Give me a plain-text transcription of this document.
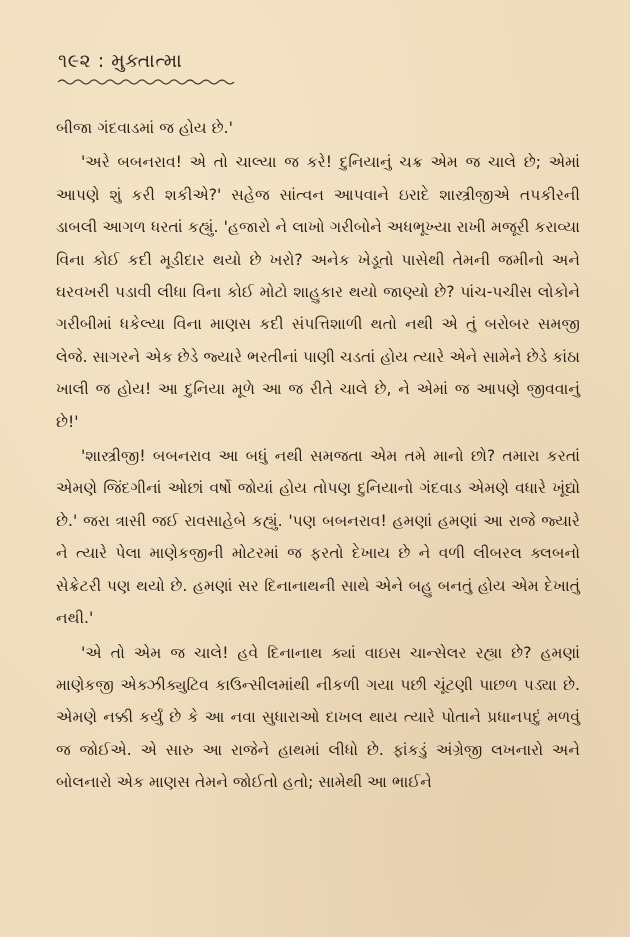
૧૯૨ : મુક્તાત્મા

બીજા ગંદવાડમાં જ હોય છે.'

'અરે બબનરાવ! એ તો ચાલ્યા જ કરે! દુનિયાનું ચક્ર એમ જ ચાલે છે; એમાં આપણે શું કરી શકીએ?' સહેજ સાંત્વન આપવાને ઇરાદે શાસ્ત્રીજીએ તપકીરની ડાબલી આગળ ધરતાં કહ્યું. 'હજારો ને લાખો ગરીબોને અધભૂખ્યા રાખી મજૂરી કરાવ્યા વિના કોઈ કદી મૂડીદાર થયો છે ખરો? અનેક ખેડૂતો પાસેથી તેમની જમીનો અને ઘરવખરી પડાવી લીધા વિના કોઈ મોટો શાહુકાર થયો જાણ્યો છે? પાંચ-પચીસ લોકોને ગરીબીમાં ધકેલ્યા વિના માણસ કદી સંપત્તિશાળી થતો નથી એ તું બરોબર સમજી લેજે. સાગરને એક છેડે જ્યારે ભરતીનાં પાણી ચડતાં હોય ત્યારે એને સામેને છેડે કાંઠા ખાલી જ હોય! આ દુનિયા મૂળે આ જ રીતે ચાલે છે, ને એમાં જ આપણે જીવવાનું છે!'

'શાસ્ત્રીજી! બબનરાવ આ બધું નથી સમજતા એમ તમે માનો છો? તમારા કરતાં એમણે જિંદગીનાં ઓછાં વર્ષો જોયાં હોય તોપણ દુનિયાનો ગંદવાડ એમણે વધારે ખૂંદ્યો છે.' જરા ત્રાસી જઈ રાવસાહેબે કહ્યું. 'પણ બબનરાવ! હમણાં હમણાં આ રાજે જ્યારે ને ત્યારે પેલા માણેકજીની મોટરમાં જ ફરતો દેખાય છે ને વળી લીબરલ ક્લબનો સેક્રેટરી પણ થયો છે. હમણાં સર દિનાનાથની સાથે એને બહુ બનતું હોય એમ દેખાતું નથી.'

'એ તો એમ જ ચાલે! હવે દિનાનાથ ક્યાં વાઇસ ચાન્સેલર રહ્યા છે? હમણાં માણેકજી એક્ઝીક્યુટિવ કાઉન્સીલમાંથી નીકળી ગયા પછી ચૂંટણી પાછળ પડ્યા છે. એમણે નક્કી કર્યું છે કે આ નવા સુધારાઓ દાખલ થાય ત્યારે પોતાને પ્રધાનપદું મળવું જ જોઈએ. એ સારુ આ રાજેને હાથમાં લીધો છે. ફાંકડું અંગ્રેજી લખનારો અને બોલનારો એક માણસ તેમને જોઈતો હતો; સામેથી આ ભાઈને
